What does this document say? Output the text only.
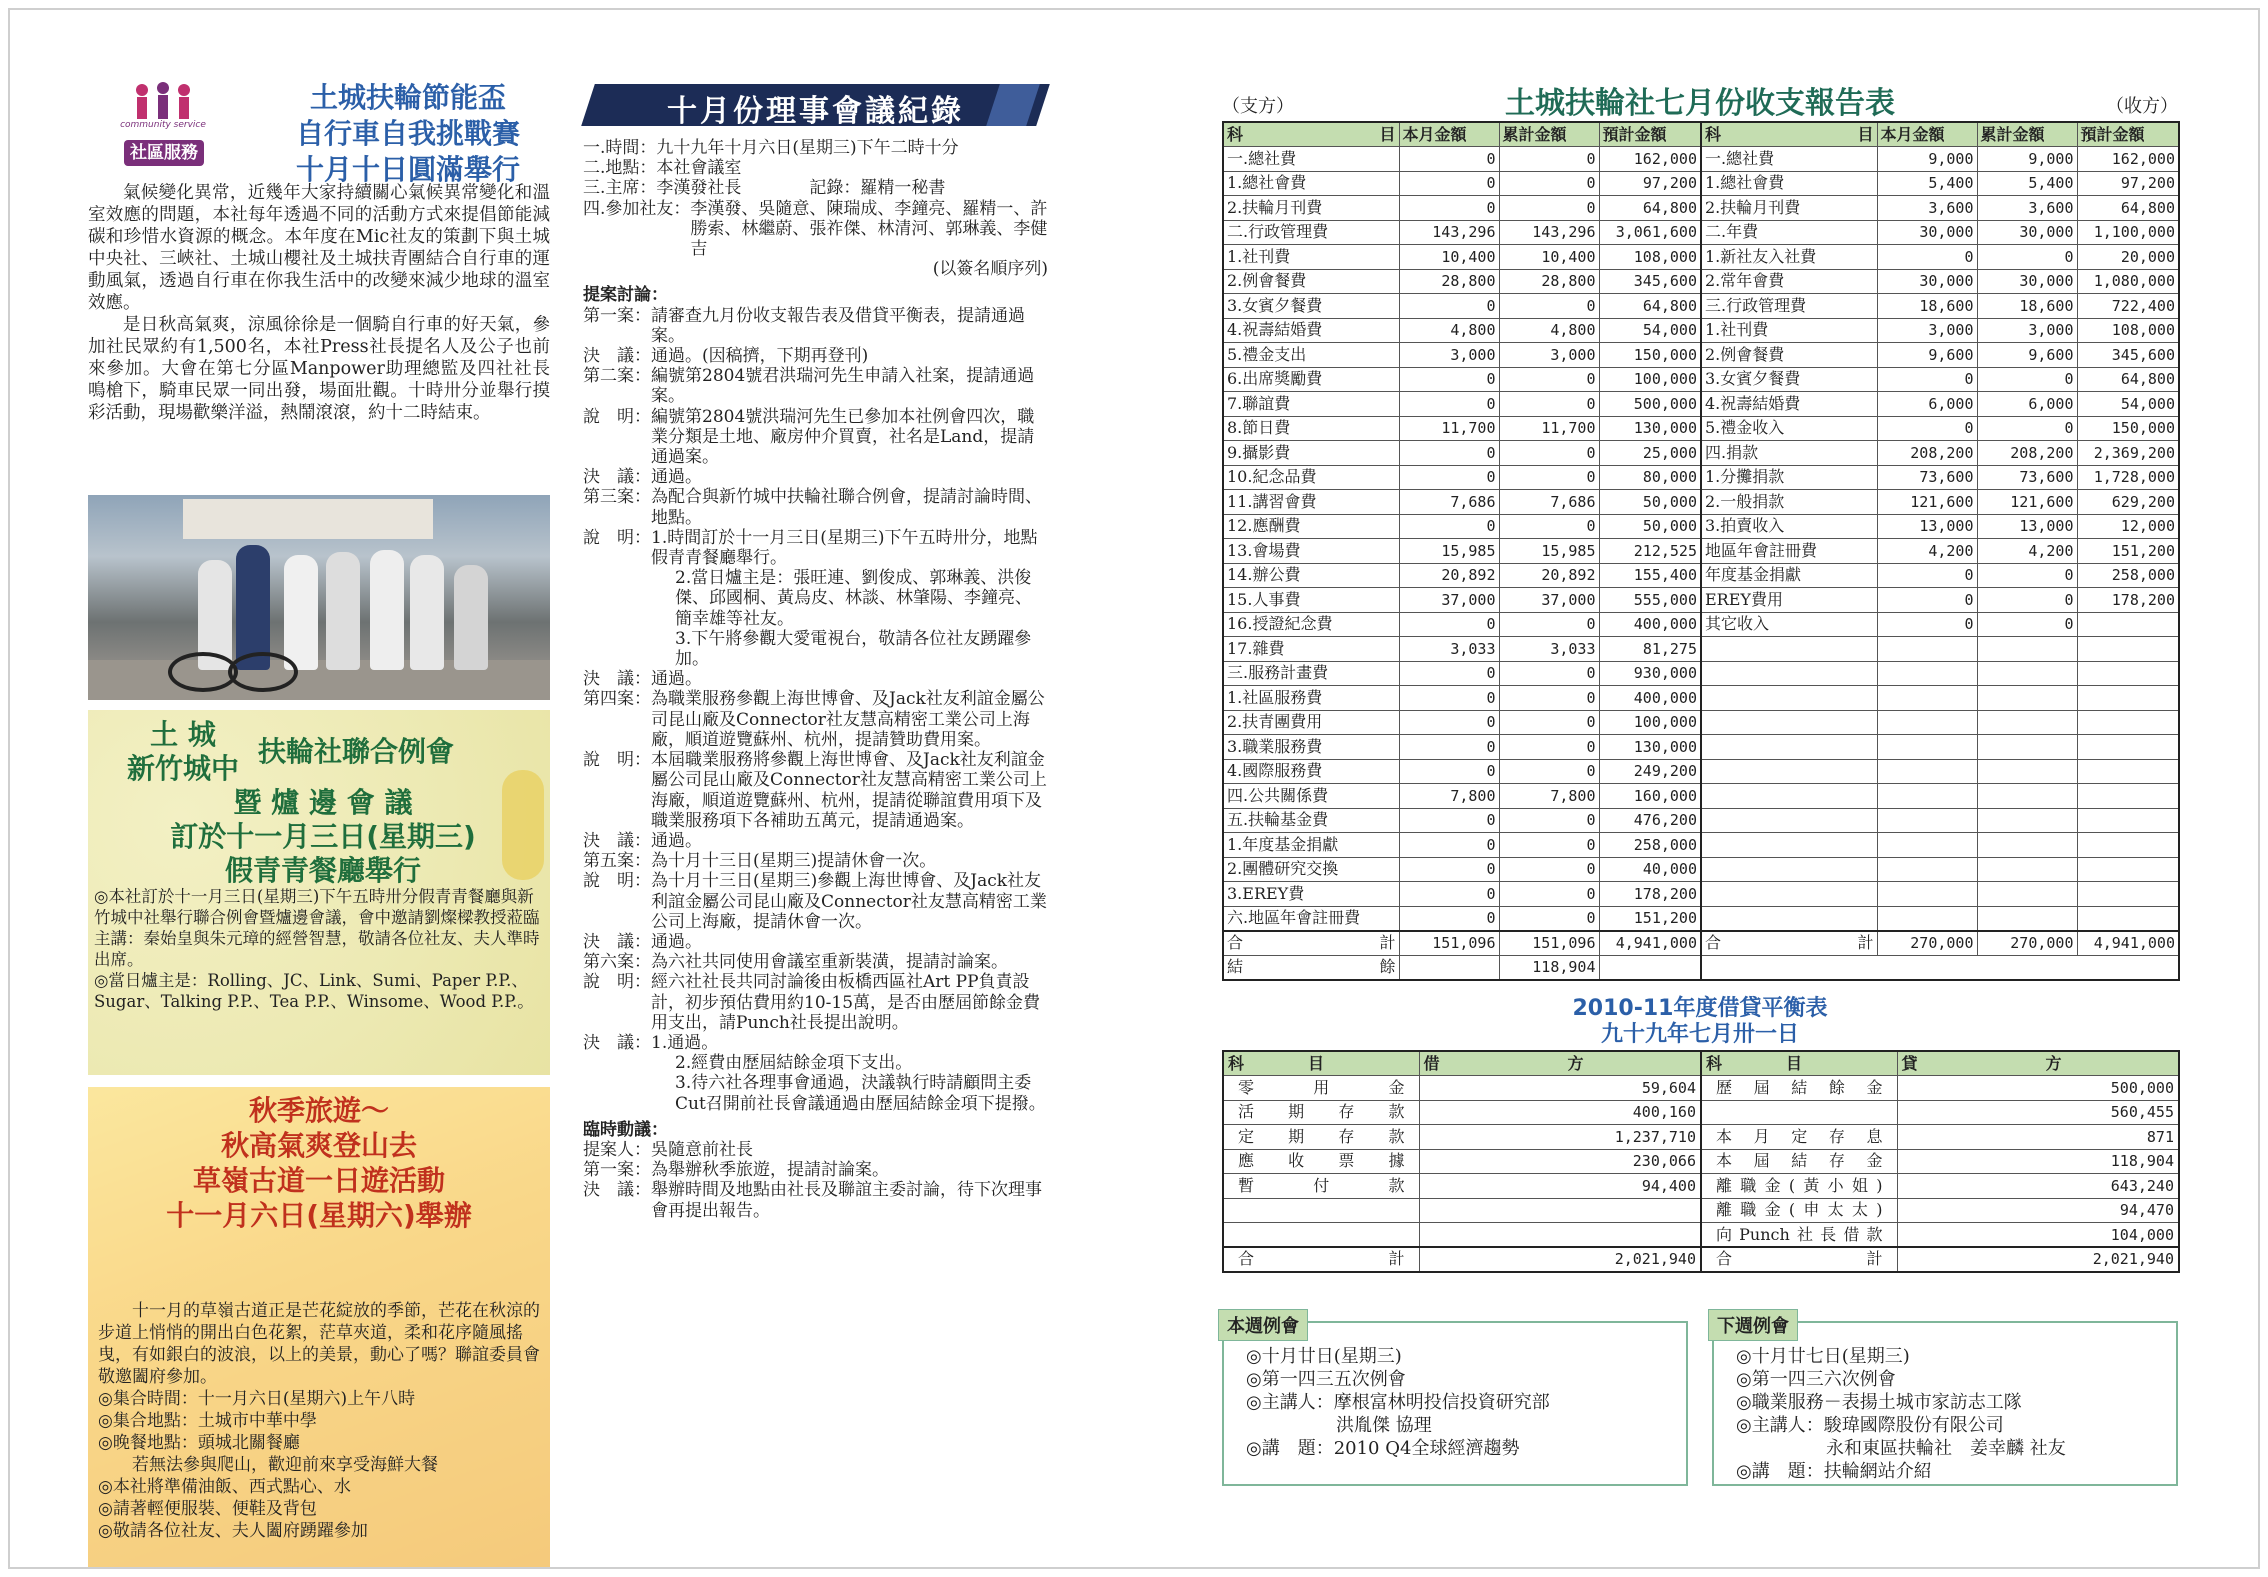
community service
社區服務
土城扶輪節能盃
自行車自我挑戰賽
十月十日圓滿舉行

氣候變化異常，近幾年大家持續關心氣候異常變化和溫室效應的問題，本社每年透過不同的活動方式來提倡節能減碳和珍惜水資源的概念。本年度在Mic社友的策劃下與土城中央社、三峽社、土城山櫻社及土城扶青團結合自行車的運動風氣，透過自行車在你我生活中的改變來減少地球的溫室效應。

是日秋高氣爽，涼風徐徐是一個騎自行車的好天氣，參加社民眾約有1,500名，本社Press社長提名人及公子也前來參加。大會在第七分區Manpower助理總監及四社社長鳴槍下，騎車民眾一同出發，場面壯觀。十時卅分並舉行摸彩活動，現場歡樂洋溢，熱鬧滾滾，約十二時結束。

土 城
新竹城中
扶輪社聯合例會
暨 爐 邊 會 議
訂於十一月三日(星期三)
假青青餐廳舉行
◎本社訂於十一月三日(星期三)下午五時卅分假青青餐廳與新竹城中社舉行聯合例會暨爐邊會議，會中邀請劉燦樑教授蒞臨主講：秦始皇與朱元璋的經營智慧，敬請各位社友、夫人準時出席。
◎當日爐主是：Rolling、JC、Link、Sumi、Paper P.P.、Sugar、Talking P.P.、Tea P.P.、Winsome、Wood P.P.。
秋季旅遊～
秋高氣爽登山去
草嶺古道一日遊活動
十一月六日(星期六)舉辦
十一月的草嶺古道正是芒花綻放的季節，芒花在秋涼的步道上悄悄的開出白色花絮，茫草夾道，柔和花序隨風搖曳，有如銀白的波浪，以上的美景，動心了嗎？聯誼委員會敬邀闔府參加。
◎集合時間：十一月六日(星期六)上午八時
◎集合地點：土城市中華中學
◎晚餐地點：頭城北關餐廳
若無法參與爬山，歡迎前來享受海鮮大餐
◎本社將準備油飯、西式點心、水
◎請著輕便服裝、便鞋及背包
◎敬請各位社友、夫人闔府踴躍參加
十月份理事會議紀錄
一.時間： 九十九年十月六日(星期三)下午二時十分
二.地點： 本社會議室
三.主席： 李漢發社長　　　　記錄：羅精一秘書
四.參加社友： 李漢發、吳隨意、陳瑞成、李鐘亮、羅精一、許勝索、林繼蔚、張祚傑、林清河、郭琳義、李健吉
(以簽名順序列)
提案討論：
第一案： 請審查九月份收支報告表及借貸平衡表，提請通過案。
決　議： 通過。(因稿擠，下期再登刊)
第二案： 編號第2804號君洪瑞河先生申請入社案，提請通過案。
說　明： 編號第2804號洪瑞河先生已參加本社例會四次，職業分類是土地、廠房仲介買賣，社名是Land，提請通過案。
決　議： 通過。
第三案： 為配合與新竹城中扶輪社聯合例會，提請討論時間、地點。
說　明： 1.時間訂於十一月三日(星期三)下午五時卅分，地點假青青餐廳舉行。
2.當日爐主是：張旺連、劉俊成、郭琳義、洪俊傑、邱國桐、黃烏皮、林談、林肇陽、李鐘亮、簡幸雄等社友。
3.下午將參觀大愛電視台，敬請各位社友踴躍參加。
決　議： 通過。
第四案： 為職業服務參觀上海世博會、及Jack社友利誼金屬公司昆山廠及Connector社友慧高精密工業公司上海廠，順道遊覽蘇州、杭州，提請贊助費用案。
說　明： 本屆職業服務將參觀上海世博會、及Jack社友利誼金屬公司昆山廠及Connector社友慧高精密工業公司上海廠，順道遊覽蘇州、杭州，提請從聯誼費用項下及職業服務項下各補助五萬元，提請通過案。
決　議： 通過。
第五案： 為十月十三日(星期三)提請休會一次。
說　明： 為十月十三日(星期三)參觀上海世博會、及Jack社友利誼金屬公司昆山廠及Connector社友慧高精密工業公司上海廠，提請休會一次。
決　議： 通過。
第六案： 為六社共同使用會議室重新裝潢，提請討論案。
說　明： 經六社社長共同討論後由板橋西區社Art PP負責設計，初步預估費用約10-15萬，是否由歷屆節餘金費用支出，請Punch社長提出說明。
決　議： 1.通過。
2.經費由歷屆結餘金項下支出。
3.待六社各理事會通過，決議執行時請顧問主委Cut召開前社長會議通過由歷屆結餘金項下提撥。
臨時動議：
提案人： 吳隨意前社長
第一案： 為舉辦秋季旅遊，提請討論案。
決　議： 舉辦時間及地點由社長及聯誼主委討論，待下次理事會再提出報告。
土城扶輪社七月份收支報告表
（支方）	（收方）
科　　　　目	本月金額	累計金額	預計金額	科　　　　目	本月金額	累計金額	預計金額
一.總社費	0	0	162,000	一.總社費	9,000	9,000	162,000
1.總社會費	0	0	97,200	1.總社會費	5,400	5,400	97,200
2.扶輪月刊費	0	0	64,800	2.扶輪月刊費	3,600	3,600	64,800
二.行政管理費	143,296	143,296	3,061,600	二.年費	30,000	30,000	1,100,000
1.社刊費	10,400	10,400	108,000	1.新社友入社費	0	0	20,000
2.例會餐費	28,800	28,800	345,600	2.常年會費	30,000	30,000	1,080,000
3.女賓夕餐費	0	0	64,800	三.行政管理費	18,600	18,600	722,400
4.祝壽結婚費	4,800	4,800	54,000	1.社刊費	3,000	3,000	108,000
5.禮金支出	3,000	3,000	150,000	2.例會餐費	9,600	9,600	345,600
6.出席獎勵費	0	0	100,000	3.女賓夕餐費	0	0	64,800
7.聯誼費	0	0	500,000	4.祝壽結婚費	6,000	6,000	54,000
8.節日費	11,700	11,700	130,000	5.禮金收入	0	0	150,000
9.攝影費	0	0	25,000	四.捐款	208,200	208,200	2,369,200
10.紀念品費	0	0	80,000	1.分攤捐款	73,600	73,600	1,728,000
11.講習會費	7,686	7,686	50,000	2.一般捐款	121,600	121,600	629,200
12.應酬費	0	0	50,000	3.拍賣收入	13,000	13,000	12,000
13.會場費	15,985	15,985	212,525	地區年會註冊費	4,200	4,200	151,200
14.辦公費	20,892	20,892	155,400	年度基金捐獻	0	0	258,000
15.人事費	37,000	37,000	555,000	EREY費用	0	0	178,200
16.授證紀念費	0	0	400,000	其它收入	0	0	
17.雜費	3,033	3,033	81,275				
三.服務計畫費	0	0	930,000				
1.社區服務費	0	0	400,000				
2.扶青團費用	0	0	100,000				
3.職業服務費	0	0	130,000				
4.國際服務費	0	0	249,200				
四.公共關係費	7,800	7,800	160,000				
五.扶輪基金費	0	0	476,200				
1.年度基金捐獻	0	0	258,000				
2.團體研究交換	0	0	40,000				
3.EREY費	0	0	178,200				
六.地區年會註冊費	0	0	151,200				
合　　　　計	151,096	151,096	4,941,000	合　　　　計	270,000	270,000	4,941,000
結　　　　餘		118,904					
2010-11年度借貸平衡表
九十九年七月卅一日
科　　　　目	借　　　　　　　　方	科　　　　目	貸　　　　　　　　方
零用金	59,604	歷屆結餘金	500,000
活期存款	400,160		560,455
定期存款	1,237,710	本月定存息	871
應收票據	230,066	本屆結存金	118,904
暫付款	94,400	離職金(黃小姐)	643,240
		離職金(申太太)	94,470
		向Punch社長借款	104,000
合　　　　計	2,021,940	合　　　　計	2,021,940
本週例會
◎十月廿日(星期三)
◎第一四三五次例會
◎主講人：摩根富林明投信投資研究部
　　　　　洪胤傑 協理
◎講　題：2010 Q4全球經濟趨勢
下週例會
◎十月廿七日(星期三)
◎第一四三六次例會
◎職業服務－表揚土城市家訪志工隊
◎主講人：駿瑋國際股份有限公司
　　　　　永和東區扶輪社　姜幸麟 社友
◎講　題：扶輪網站介紹
